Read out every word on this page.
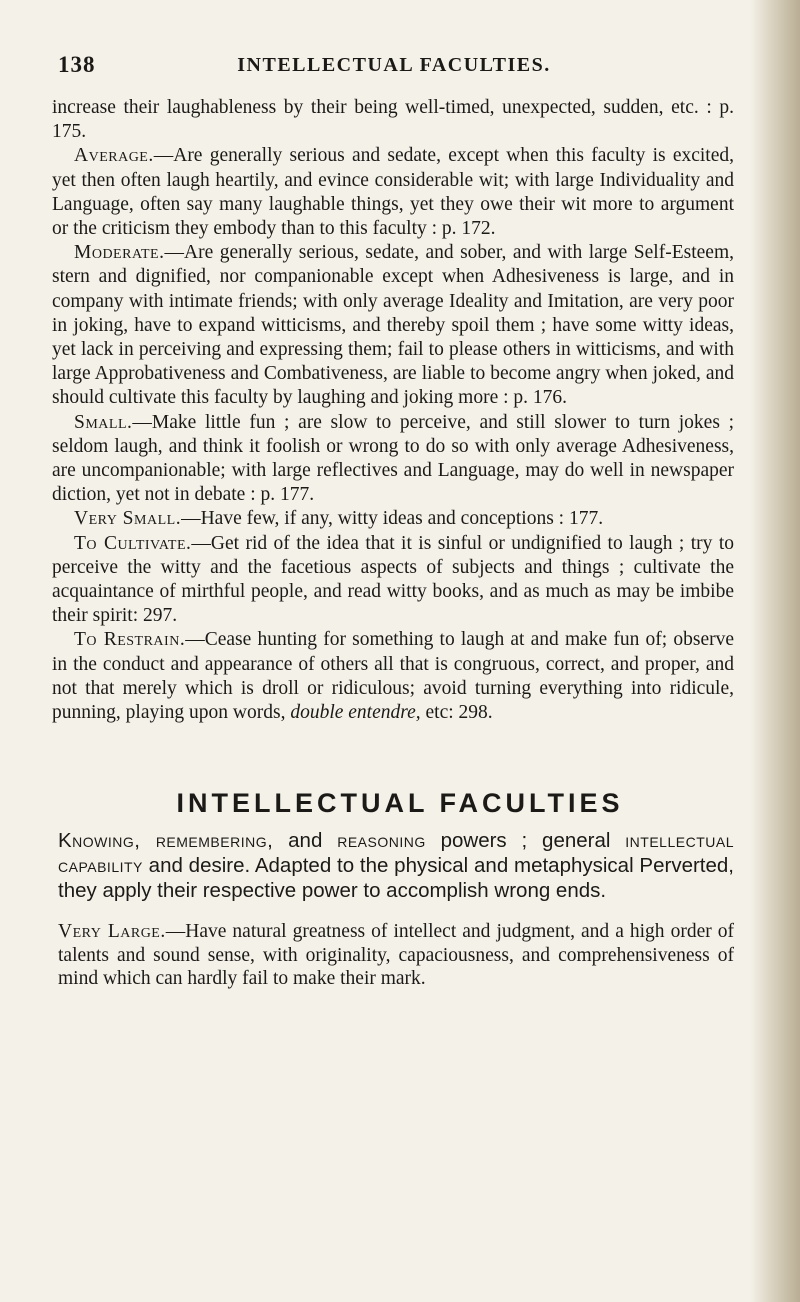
138	INTELLECTUAL FACULTIES.

increase their laughableness by their being well-timed, unexpected, sudden, etc. : p. 175.

Average.—Are generally serious and sedate, except when this faculty is excited, yet then often laugh heartily, and evince considerable wit; with large Individuality and Language, often say many laughable things, yet they owe their wit more to argument or the criticism they embody than to this faculty : p. 172.

Moderate.—Are generally serious, sedate, and sober, and with large Self-Esteem, stern and dignified, nor companionable except when Adhesiveness is large, and in company with intimate friends; with only average Ideality and Imitation, are very poor in joking, have to expand witticisms, and thereby spoil them ; have some witty ideas, yet lack in perceiving and expressing them; fail to please others in witticisms, and with large Approbativeness and Combativeness, are liable to become angry when joked, and should cultivate this faculty by laughing and joking more : p. 176.

Small.—Make little fun ; are slow to perceive, and still slower to turn jokes ; seldom laugh, and think it foolish or wrong to do so with only average Adhesiveness, are uncompanionable; with large reflectives and Language, may do well in newspaper diction, yet not in debate : p. 177.

Very Small.—Have few, if any, witty ideas and conceptions : 177.

To Cultivate.—Get rid of the idea that it is sinful or undignified to laugh ; try to perceive the witty and the facetious aspects of subjects and things ; cultivate the acquaintance of mirthful people, and read witty books, and as much as may be imbibe their spirit: 297.

To Restrain.—Cease hunting for something to laugh at and make fun of; observe in the conduct and appearance of others all that is congruous, correct, and proper, and not that merely which is droll or ridiculous; avoid turning everything into ridicule, punning, playing upon words, double entendre, etc: 298.

INTELLECTUAL FACULTIES

Knowing, remembering, and reasoning powers ; general intellectual capability and desire. Adapted to the physical and metaphysical Perverted, they apply their respective power to accomplish wrong ends.

Very Large.—Have natural greatness of intellect and judgment, and a high order of talents and sound sense, with originality, capaciousness, and comprehensiveness of mind which can hardly fail to make their mark.
